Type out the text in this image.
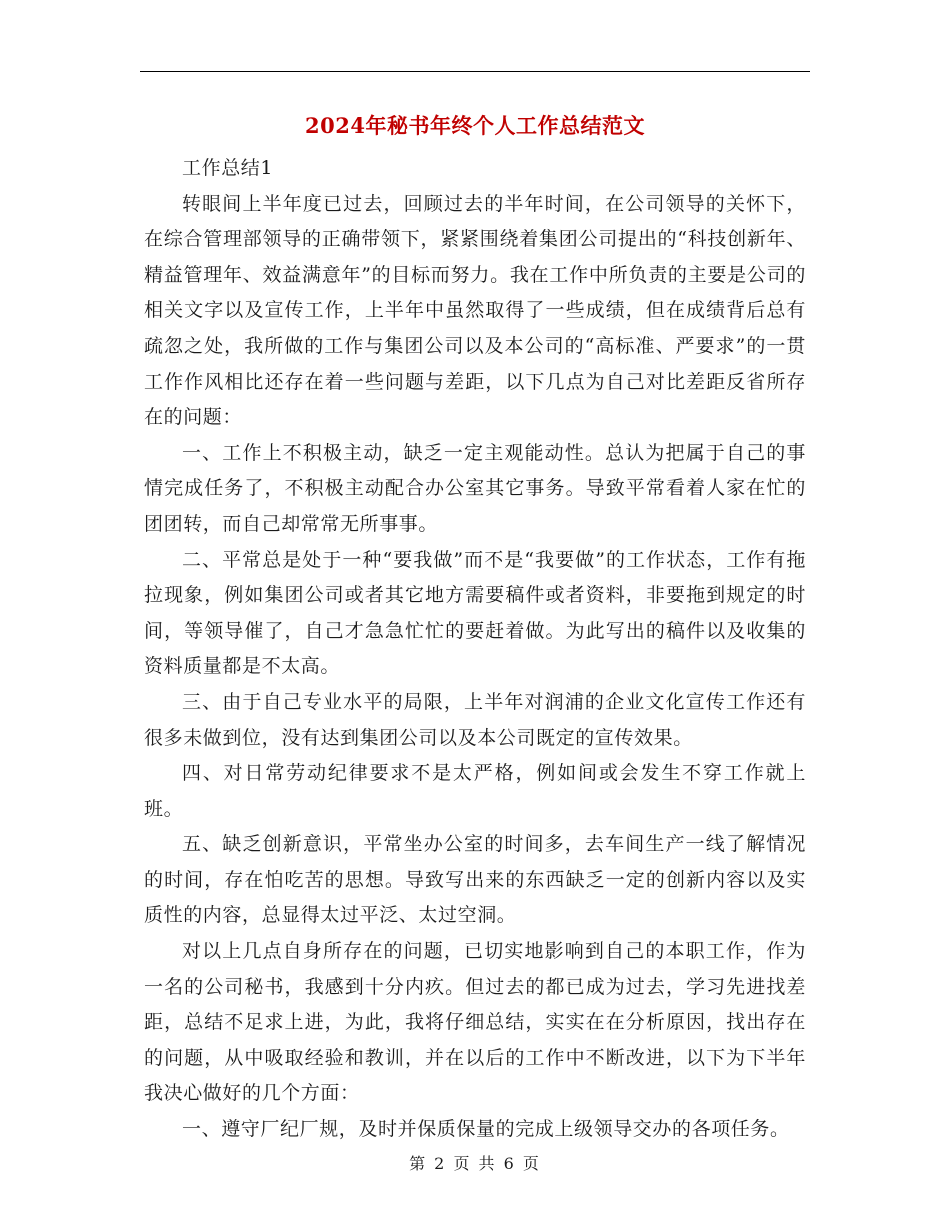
2024年秘书年终个人工作总结范文

工作总结1

转眼间上半年度已过去，回顾过去的半年时间，在公司领导的关怀下，在综合管理部领导的正确带领下，紧紧围绕着集团公司提出的“科技创新年、精益管理年、效益满意年”的目标而努力。我在工作中所负责的主要是公司的相关文字以及宣传工作，上半年中虽然取得了一些成绩，但在成绩背后总有疏忽之处，我所做的工作与集团公司以及本公司的“高标准、严要求”的一贯工作作风相比还存在着一些问题与差距，以下几点为自己对比差距反省所存在的问题：

一、工作上不积极主动，缺乏一定主观能动性。总认为把属于自己的事情完成任务了，不积极主动配合办公室其它事务。导致平常看着人家在忙的团团转，而自己却常常无所事事。

二、平常总是处于一种“要我做”而不是“我要做”的工作状态，工作有拖拉现象，例如集团公司或者其它地方需要稿件或者资料，非要拖到规定的时间，等领导催了，自己才急急忙忙的要赶着做。为此写出的稿件以及收集的资料质量都是不太高。

三、由于自己专业水平的局限，上半年对润浦的企业文化宣传工作还有很多未做到位，没有达到集团公司以及本公司既定的宣传效果。

四、对日常劳动纪律要求不是太严格，例如间或会发生不穿工作就上班。

五、缺乏创新意识，平常坐办公室的时间多，去车间生产一线了解情况的时间，存在怕吃苦的思想。导致写出来的东西缺乏一定的创新内容以及实质性的内容，总显得太过平泛、太过空洞。

对以上几点自身所存在的问题，已切实地影响到自己的本职工作，作为一名的公司秘书，我感到十分内疚。但过去的都已成为过去，学习先进找差距，总结不足求上进，为此，我将仔细总结，实实在在分析原因，找出存在的问题，从中吸取经验和教训，并在以后的工作中不断改进，以下为下半年我决心做好的几个方面：

一、遵守厂纪厂规，及时并保质保量的完成上级领导交办的各项任务。

第 2 页 共 6 页
